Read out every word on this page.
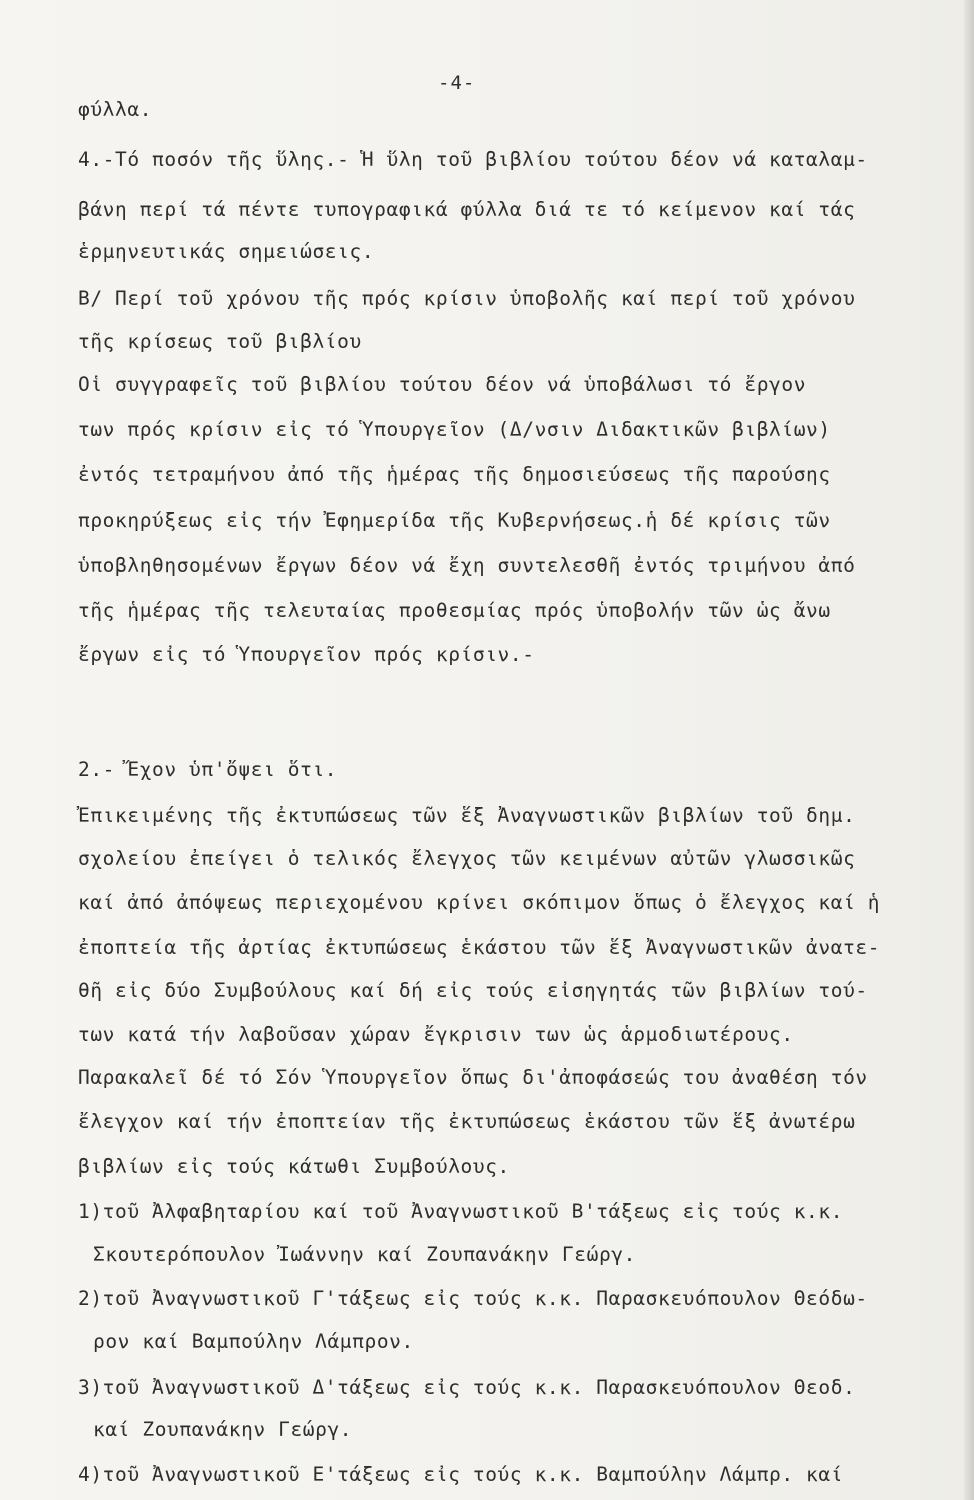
-4-
φύλλα.
4.-Τό ποσόν τῆς ὕλης.- Ἡ ὕλη τοῦ βιβλίου τούτου δέον νά καταλαμ-
βάνη περί τά πέντε τυπογραφικά φύλλα διά τε τό κείμενον καί τάς
ἑρμηνευτικάς σημειώσεις.
Β/ Περί τοῦ χρόνου τῆς πρός κρίσιν ὑποβολῆς καί περί τοῦ χρόνου
τῆς κρίσεως τοῦ βιβλίου
Οἱ συγγραφεῖς τοῦ βιβλίου τούτου δέον νά ὑποβάλωσι τό ἔργον
των πρός κρίσιν εἰς τό Ὑπουργεῖον (Δ/νσιν Διδακτικῶν βιβλίων)
ἐντός τετραμήνου ἀπό τῆς ἡμέρας τῆς δημοσιεύσεως τῆς παρούσης
προκηρύξεως εἰς τήν Ἐφημερίδα τῆς Κυβερνήσεως.ἡ δέ κρίσις τῶν
ὑποβληθησομένων ἔργων δέον νά ἔχη συντελεσθῆ ἐντός τριμήνου ἀπό
τῆς ἡμέρας τῆς τελευταίας προθεσμίας πρός ὑποβολήν τῶν ὡς ἄνω
ἔργων εἰς τό Ὑπουργεῖον πρός κρίσιν.-
2.- Ἔχον ὑπ'ὄψει ὅτι.
Ἐπικειμένης τῆς ἐκτυπώσεως τῶν ἕξ Ἀναγνωστικῶν βιβλίων τοῦ δημ.
σχολείου ἐπείγει ὁ τελικός ἔλεγχος τῶν κειμένων αὐτῶν γλωσσικῶς
καί ἀπό ἀπόψεως περιεχομένου κρίνει σκόπιμον ὅπως ὁ ἔλεγχος καί ἡ
ἐποπτεία τῆς ἀρτίας ἐκτυπώσεως ἑκάστου τῶν ἕξ Ἀναγνωστικῶν ἀνατε-
θῆ εἰς δύο Συμβούλους καί δή εἰς τούς εἰσηγητάς τῶν βιβλίων τού-
των κατά τήν λαβοῦσαν χώραν ἔγκρισιν των ὡς ἁρμοδιωτέρους.
Παρακαλεῖ δέ τό Σόν Ὑπουργεῖον ὅπως δι'ἀποφάσεώς του ἀναθέση τόν
ἔλεγχον καί τήν ἐποπτείαν τῆς ἐκτυπώσεως ἑκάστου τῶν ἕξ ἀνωτέρω
βιβλίων εἰς τούς κάτωθι Συμβούλους.
1)τοῦ Ἀλφαβηταρίου καί τοῦ Ἀναγνωστικοῦ Β'τάξεως εἰς τούς κ.κ.
Σκουτερόπουλον Ἰωάννην καί Ζουπανάκην Γεώργ.
2)τοῦ Ἀναγνωστικοῦ Γ'τάξεως εἰς τούς κ.κ. Παρασκευόπουλον Θεόδω-
ρον καί Βαμπούλην Λάμπρον.
3)τοῦ Ἀναγνωστικοῦ Δ'τάξεως εἰς τούς κ.κ. Παρασκευόπουλον Θεοδ.
καί Ζουπανάκην Γεώργ.
4)τοῦ Ἀναγνωστικοῦ Ε'τάξεως εἰς τούς κ.κ. Βαμπούλην Λάμπρ. καί
